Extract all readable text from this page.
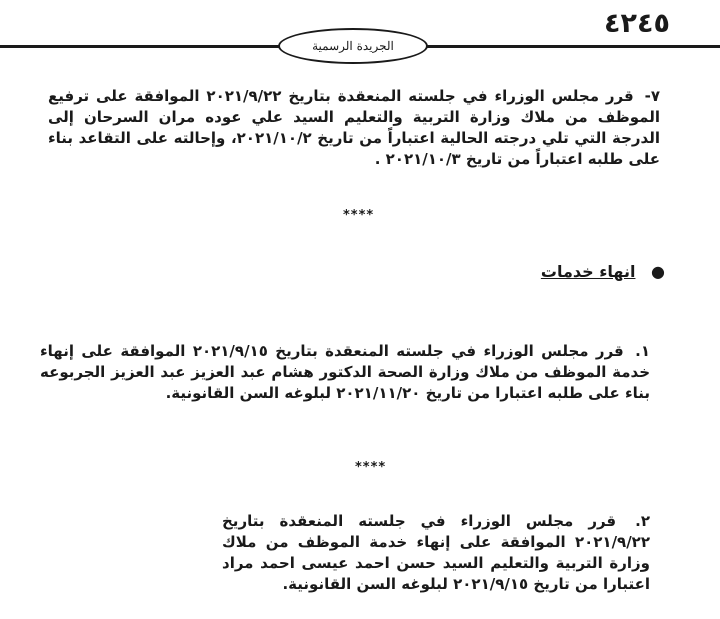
٤٢٤٥
الجريدة الرسمية
٧- قرر مجلس الوزراء في جلسته المنعقدة بتاريخ ٢٠٢١/٩/٢٢ الموافقة على ترفيع الموظف من ملاك وزارة التربية والتعليم السيد علي عوده مران السرحان إلى الدرجة التي تلي درجته الحالية اعتباراً من تاريخ ٢٠٢١/١٠/٢، وإحالته على التقاعد بناء على طلبه اعتباراً من تاريخ ٢٠٢١/١٠/٣ .
****
● انهاء خدمات
١. قرر مجلس الوزراء في جلسته المنعقدة بتاريخ ٢٠٢١/٩/١٥ الموافقة على إنهاء خدمة الموظف من ملاك وزارة الصحة الدكتور هشام عبد العزيز عبد العزيز الجربوعه بناء على طلبه اعتبارا من تاريخ ٢٠٢١/١١/٢٠ لبلوغه السن القانونية.
****
٢. قرر مجلس الوزراء في جلسته المنعقدة بتاريخ ٢٠٢١/٩/٢٢ الموافقة على إنهاء خدمة الموظف من ملاك وزارة التربية والتعليم السيد حسن احمد عيسى احمد مراد اعتبارا من تاريخ ٢٠٢١/٩/١٥ لبلوغه السن القانونية.
